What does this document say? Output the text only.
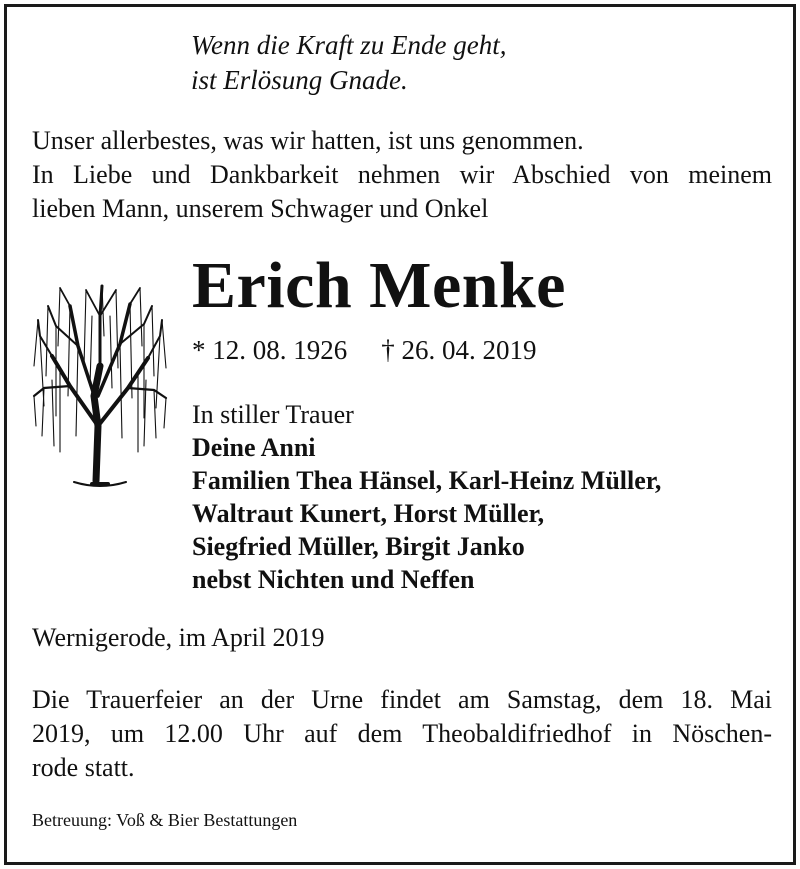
Wenn die Kraft zu Ende geht,
ist Erlösung Gnade.
Unser allerbestes, was wir hatten, ist uns genommen.
In Liebe und Dankbarkeit nehmen wir Abschied von meinem
lieben Mann, unserem Schwager und Onkel
Erich Menke
* 12. 08. 1926 † 26. 04. 2019
In stiller Trauer
Deine Anni
Familien Thea Hänsel, Karl-Heinz Müller,
Waltraut Kunert, Horst Müller,
Siegfried Müller, Birgit Janko
nebst Nichten und Neffen
Wernigerode, im April 2019
Die Trauerfeier an der Urne findet am Samstag, dem 18. Mai
2019, um 12.00 Uhr auf dem Theobaldifriedhof in Nöschen-
rode statt.
Betreuung: Voß & Bier Bestattungen
